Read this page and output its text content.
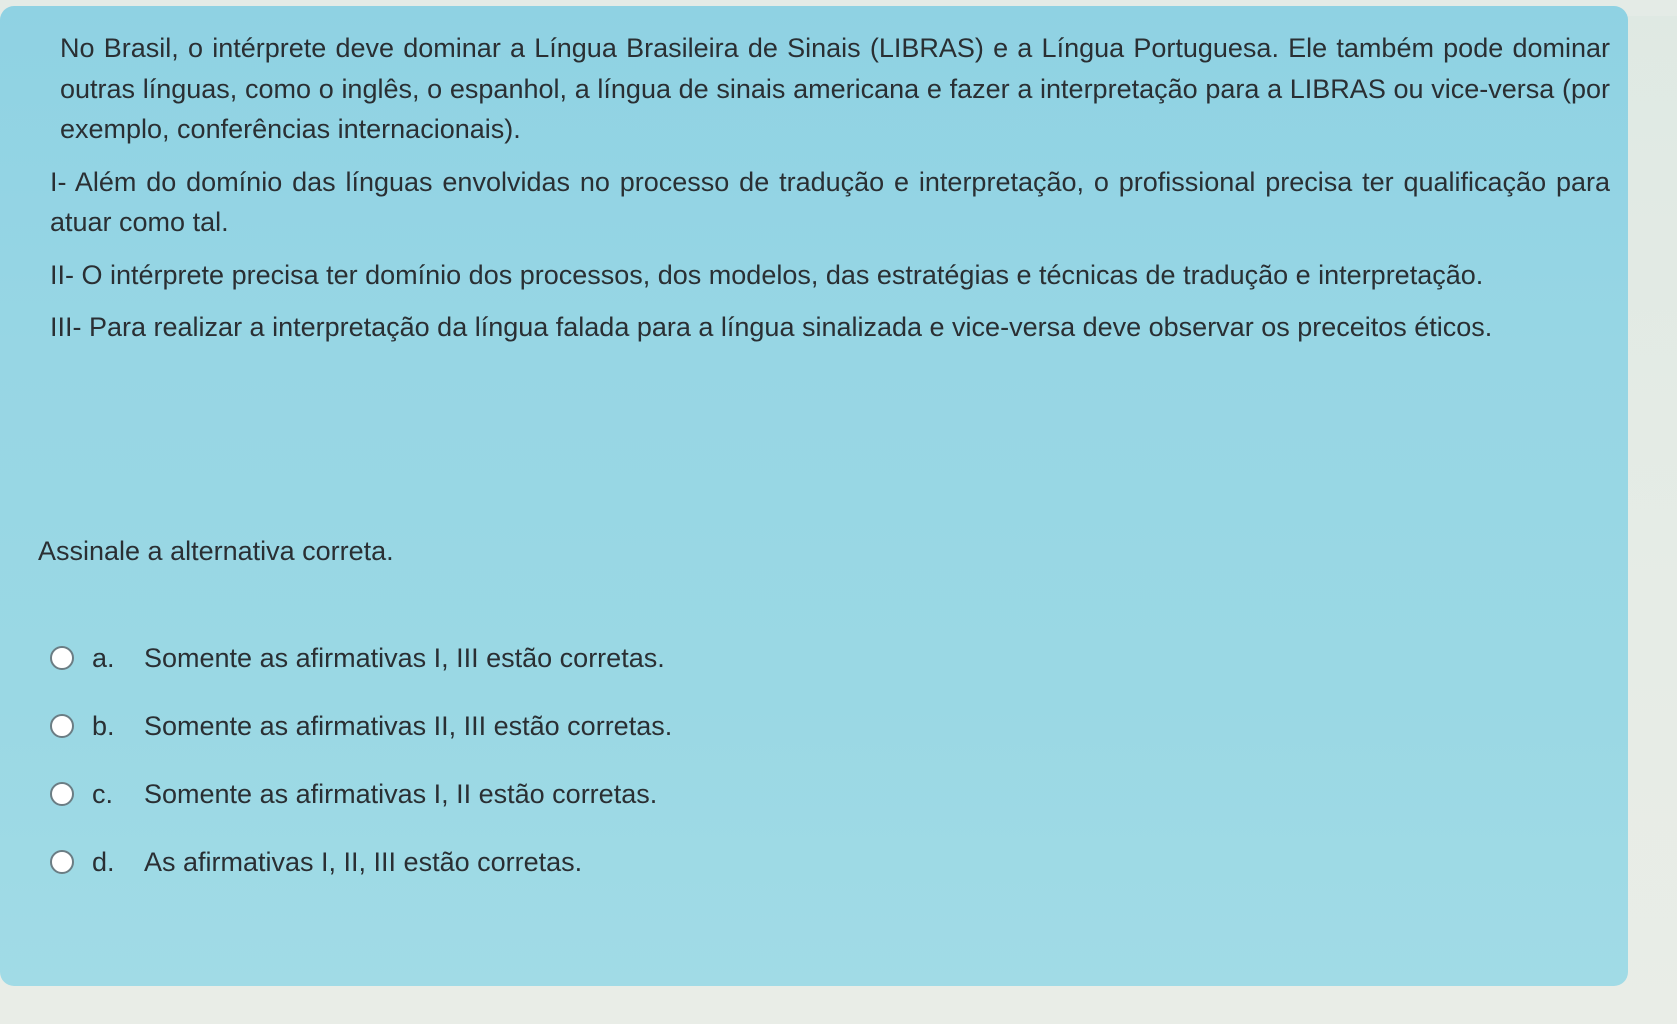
No Brasil, o intérprete deve dominar a Língua Brasileira de Sinais (LIBRAS) e a Língua Portuguesa. Ele também pode dominar outras línguas, como o inglês, o espanhol, a língua de sinais americana e fazer a interpretação para a LIBRAS ou vice-versa (por exemplo, conferências internacionais).

I- Além do domínio das línguas envolvidas no processo de tradução e interpretação, o profissional precisa ter qualificação para atuar como tal.

II- O intérprete precisa ter domínio dos processos, dos modelos, das estratégias e técnicas de tradução e interpretação.

III- Para realizar a interpretação da língua falada para a língua sinalizada e vice-versa deve observar os preceitos éticos.

Assinale a alternativa correta.
a.	Somente as afirmativas I, III estão corretas.
b.	Somente as afirmativas II, III estão corretas.
c.	Somente as afirmativas I, II estão corretas.
d.	As afirmativas I, II, III estão corretas.
